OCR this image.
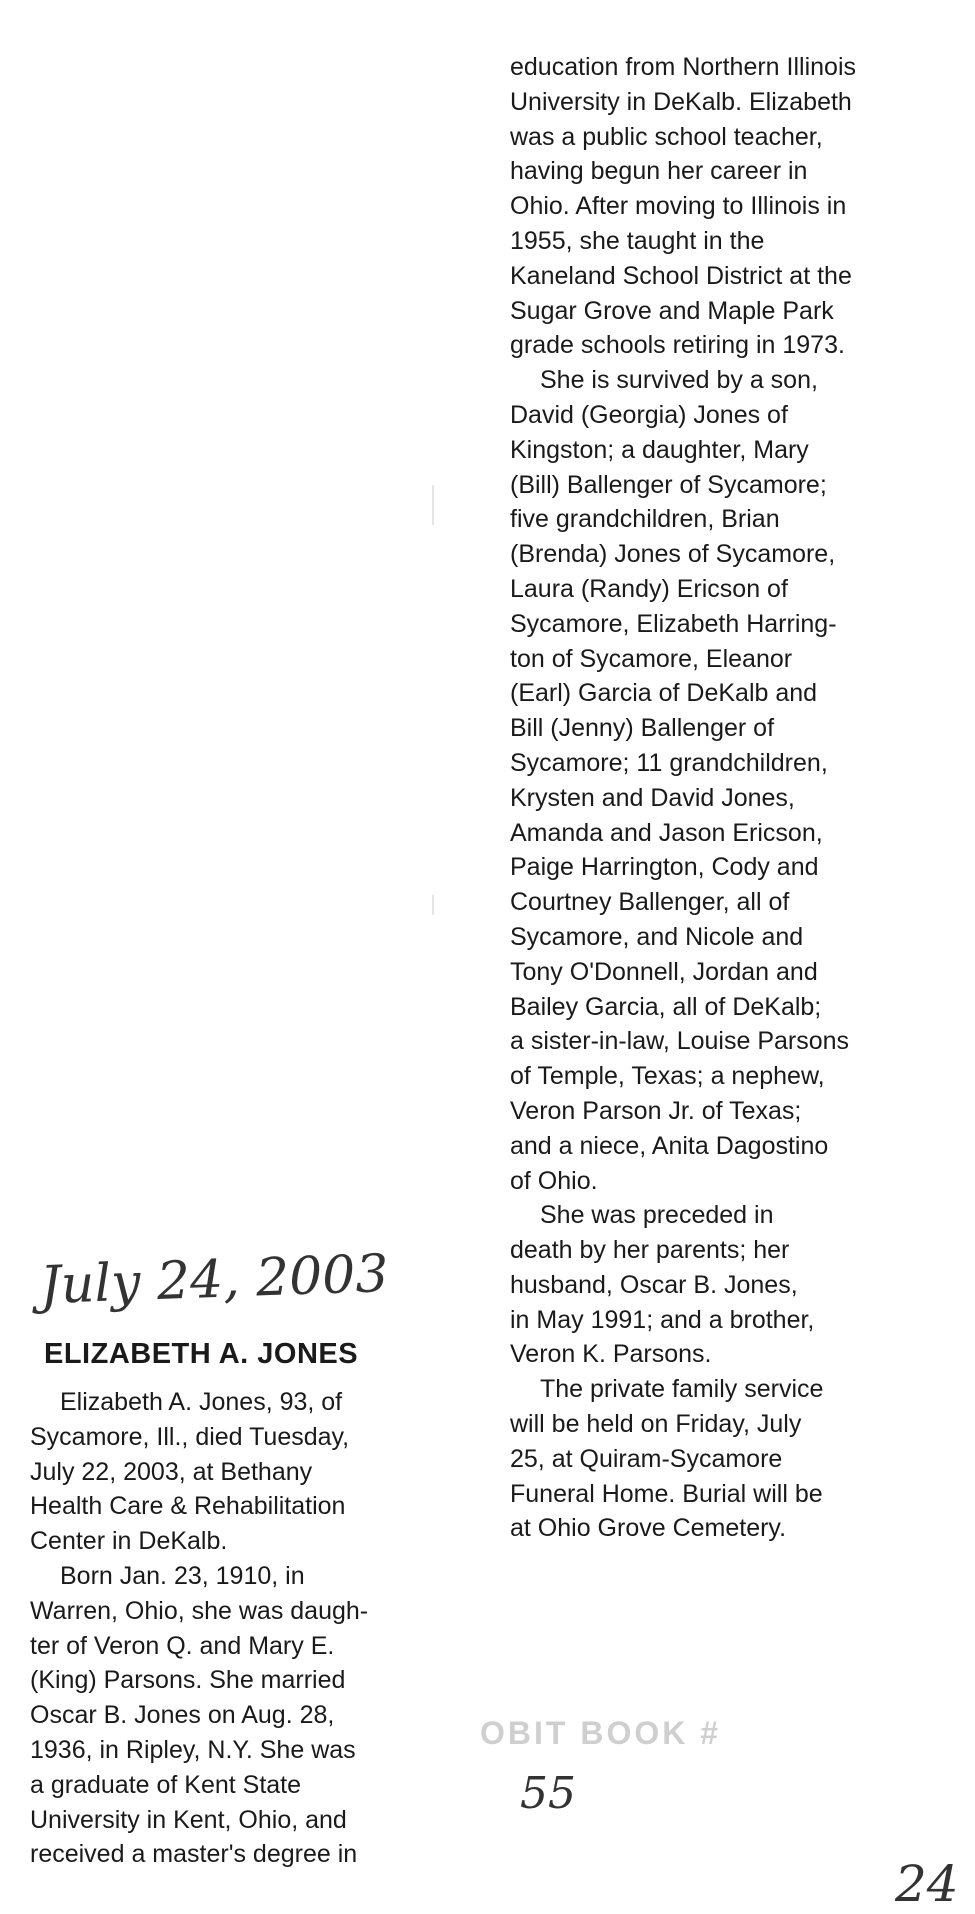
education from Northern Illinois
University in DeKalb. Elizabeth
was a public school teacher,
having begun her career in
Ohio. After moving to Illinois in
1955, she taught in the
Kaneland School District at the
Sugar Grove and Maple Park
grade schools retiring in 1973.

She is survived by a son,
David (Georgia) Jones of
Kingston; a daughter, Mary
(Bill) Ballenger of Sycamore;
five grandchildren, Brian
(Brenda) Jones of Sycamore,
Laura (Randy) Ericson of
Sycamore, Elizabeth Harring-
ton of Sycamore, Eleanor
(Earl) Garcia of DeKalb and
Bill (Jenny) Ballenger of
Sycamore; 11 grandchildren,
Krysten and David Jones,
Amanda and Jason Ericson,
Paige Harrington, Cody and
Courtney Ballenger, all of
Sycamore, and Nicole and
Tony O'Donnell, Jordan and
Bailey Garcia, all of DeKalb;
a sister-in-law, Louise Parsons
of Temple, Texas; a nephew,
Veron Parson Jr. of Texas;
and a niece, Anita Dagostino
of Ohio.

She was preceded in
death by her parents; her
husband, Oscar B. Jones,
in May 1991; and a brother,
Veron K. Parsons.

The private family service
will be held on Friday, July
25, at Quiram-Sycamore
Funeral Home. Burial will be
at Ohio Grove Cemetery.

July 24, 2003
ELIZABETH A. JONES

Elizabeth A. Jones, 93, of
Sycamore, Ill., died Tuesday,
July 22, 2003, at Bethany
Health Care & Rehabilitation
Center in DeKalb.

Born Jan. 23, 1910, in
Warren, Ohio, she was daugh-
ter of Veron Q. and Mary E.
(King) Parsons. She married
Oscar B. Jones on Aug. 28,
1936, in Ripley, N.Y. She was
a graduate of Kent State
University in Kent, Ohio, and
received a master's degree in

OBIT BOOK #
55
24
